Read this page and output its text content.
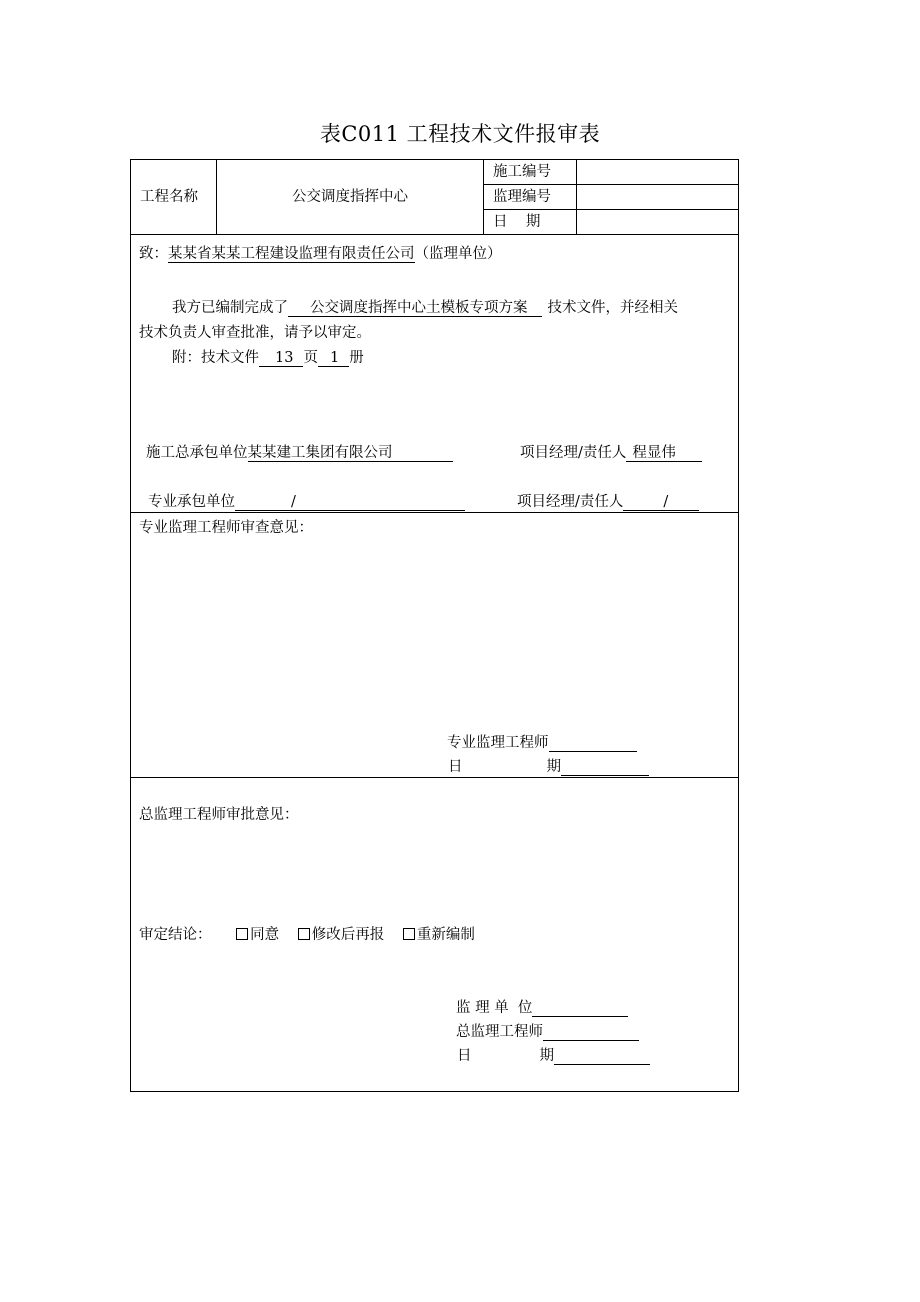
表C011 工程技术文件报审表
工程名称	公交调度指挥中心
施工编号
监理编号
日    期
致：某某省某某工程建设监理有限责任公司（监理单位）
我方已编制完成了 公交调度指挥中心土模板专项方案 技术文件，并经相关
技术负责人审查批准，请予以审定。
附：技术文件 13 页 1 册
施工总承包单位某某建工集团有限公司	项目经理/责任人 程显伟
专业承包单位	/	项目经理/责任人	/
专业监理工程师审查意见：
专业监理工程师
日	期
总监理工程师审批意见：
审定结论：	同意 修改后再报 重新编制
监 理 单  位
总监理工程师
日	期
